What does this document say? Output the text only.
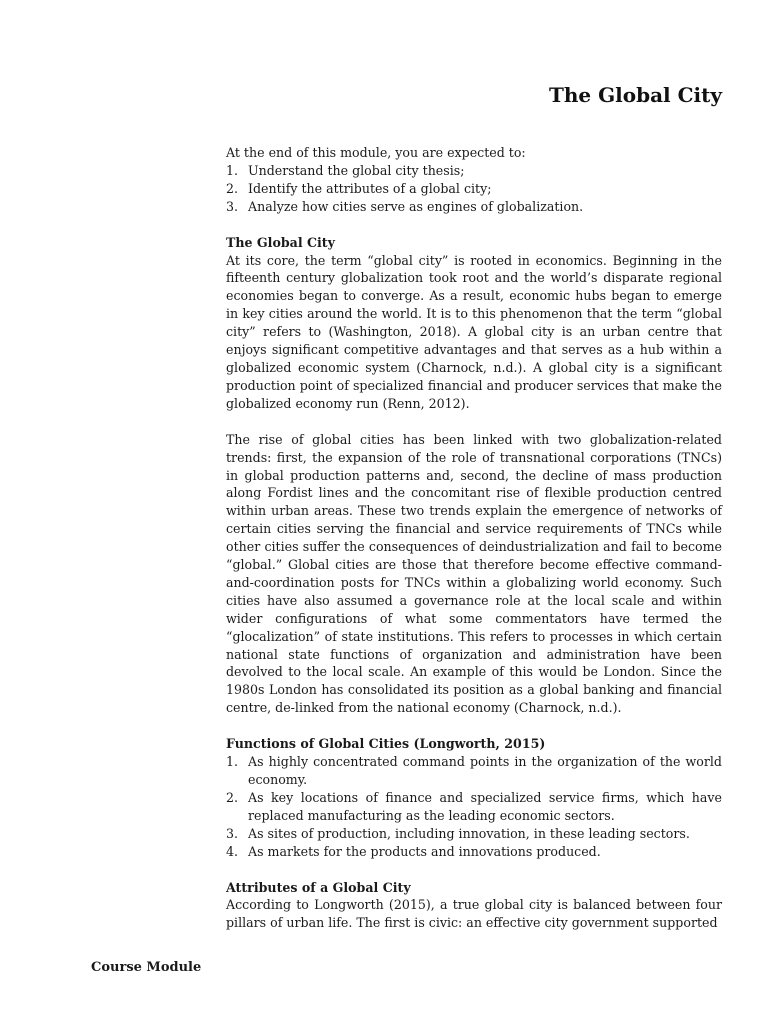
The Global City

At the end of this module, you are expected to:

1. Understand the global city thesis;
2. Identify the attributes of a global city;
3. Analyze how cities serve as engines of globalization.

The Global City

At its core, the term “global city” is rooted in economics. Beginning in the fifteenth century globalization took root and the world’s disparate regional economies began to converge. As a result, economic hubs began to emerge in key cities around the world. It is to this phenomenon that the term “global city” refers to (Washington, 2018). A global city is an urban centre that enjoys significant competitive advantages and that serves as a hub within a globalized economic system (Charnock, n.d.). A global city is a significant production point of specialized financial and producer services that make the globalized economy run (Renn, 2012).

The rise of global cities has been linked with two globalization-related trends: first, the expansion of the role of transnational corporations (TNCs) in global production patterns and, second, the decline of mass production along Fordist lines and the concomitant rise of flexible production centred within urban areas. These two trends explain the emergence of networks of certain cities serving the financial and service requirements of TNCs while other cities suffer the consequences of deindustrialization and fail to become “global.” Global cities are those that therefore become effective command-and-coordination posts for TNCs within a globalizing world economy. Such cities have also assumed a governance role at the local scale and within wider configurations of what some commentators have termed the “glocalization” of state institutions. This refers to processes in which certain national state functions of organization and administration have been devolved to the local scale. An example of this would be London. Since the 1980s London has consolidated its position as a global banking and financial centre, de-linked from the national economy (Charnock, n.d.).

Functions of Global Cities (Longworth, 2015)

1. As highly concentrated command points in the organization of the world economy.
2. As key locations of finance and specialized service firms, which have replaced manufacturing as the leading economic sectors.
3. As sites of production, including innovation, in these leading sectors.
4. As markets for the products and innovations produced.

Attributes of a Global City

According to Longworth (2015), a true global city is balanced between four pillars of urban life. The first is civic: an effective city government supported

Course Module
